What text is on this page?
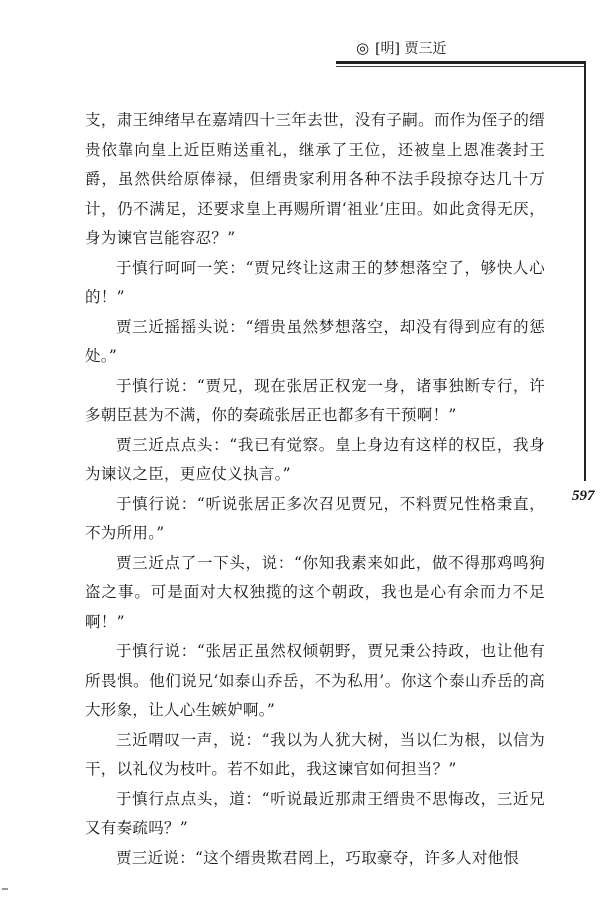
◎ [明] 贾三近
597

支，肃王绅绪早在嘉靖四十三年去世，没有子嗣。而作为侄子的缙贵依靠向皇上近臣贿送重礼，继承了王位，还被皇上恩准袭封王爵，虽然供给原俸禄，但缙贵家利用各种不法手段掠夺达几十万计，仍不满足，还要求皇上再赐所谓‘祖业’庄田。如此贪得无厌，身为谏官岂能容忍？”

于慎行呵呵一笑：“贾兄终让这肃王的梦想落空了，够快人心的！”

贾三近摇摇头说：“缙贵虽然梦想落空，却没有得到应有的惩处。”

于慎行说：“贾兄，现在张居正权宠一身，诸事独断专行，许多朝臣甚为不满，你的奏疏张居正也都多有干预啊！”

贾三近点点头：“我已有觉察。皇上身边有这样的权臣，我身为谏议之臣，更应仗义执言。”

于慎行说：“听说张居正多次召见贾兄，不料贾兄性格秉直，不为所用。”

贾三近点了一下头，说：“你知我素来如此，做不得那鸡鸣狗盗之事。可是面对大权独揽的这个朝政，我也是心有余而力不足啊！”

于慎行说：“张居正虽然权倾朝野，贾兄秉公持政，也让他有所畏惧。他们说兄‘如泰山乔岳，不为私用’。你这个泰山乔岳的高大形象，让人心生嫉妒啊。”

三近喟叹一声，说：“我以为人犹大树，当以仁为根，以信为干，以礼仪为枝叶。若不如此，我这谏官如何担当？”

于慎行点点头，道：“听说最近那肃王缙贵不思悔改，三近兄又有奏疏吗？”

贾三近说：“这个缙贵欺君罔上，巧取豪夺，许多人对他恨
